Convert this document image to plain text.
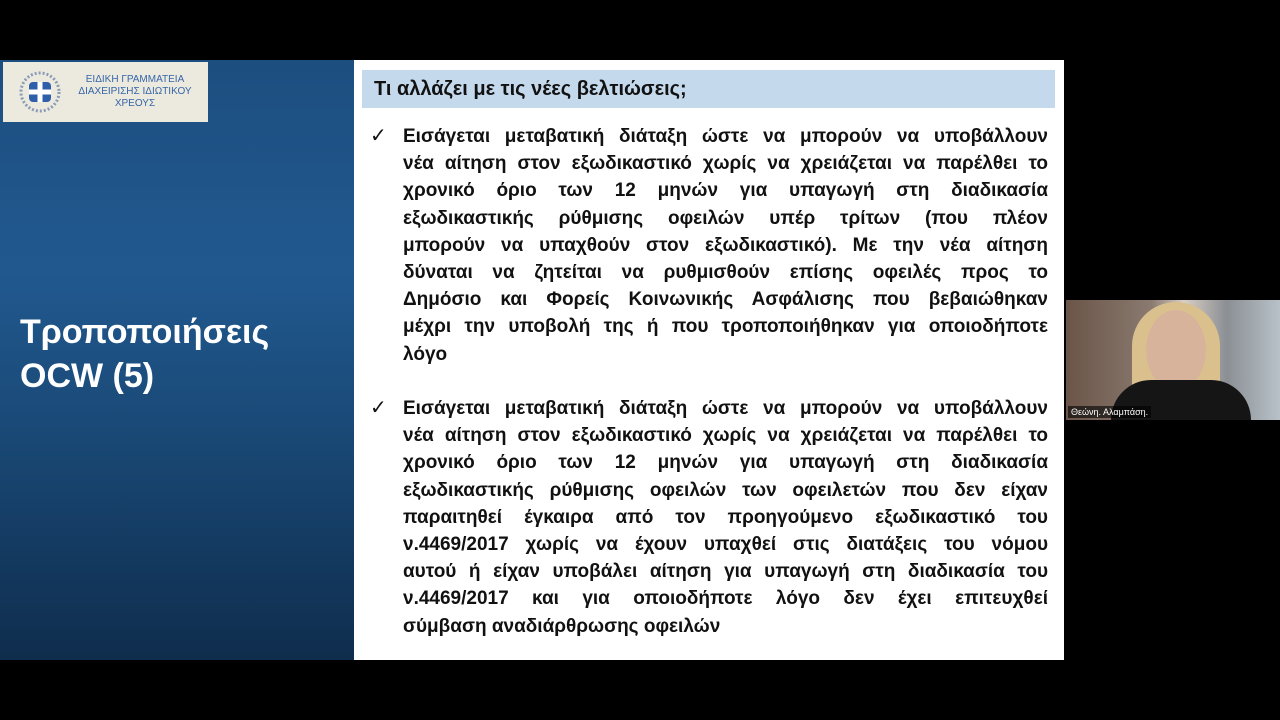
ΕΙΔΙΚΗ ΓΡΑΜΜΑΤΕΙΑ
ΔΙΑΧΕΙΡΙΣΗΣ ΙΔΙΩΤΙΚΟΥ
ΧΡΕΟΥΣ
Τροποποιήσεις
OCW (5)
Τι αλλάζει με τις νέες βελτιώσεις;
✓ Εισάγεται μεταβατική διάταξη ώστε να μπορούν να υποβάλλουν
νέα αίτηση στον εξωδικαστικό χωρίς να χρειάζεται να παρέλθει το
χρονικό όριο των 12 μηνών για υπαγωγή στη διαδικασία
εξωδικαστικής ρύθμισης οφειλών υπέρ τρίτων (που πλέον
μπορούν να υπαχθούν στον εξωδικαστικό). Με την νέα αίτηση
δύναται να ζητείται να ρυθμισθούν επίσης οφειλές προς το
Δημόσιο και Φορείς Κοινωνικής Ασφάλισης που βεβαιώθηκαν
μέχρι την υποβολή της ή που τροποποιήθηκαν για οποιοδήποτε
λόγο
✓ Εισάγεται μεταβατική διάταξη ώστε να μπορούν να υποβάλλουν
νέα αίτηση στον εξωδικαστικό χωρίς να χρειάζεται να παρέλθει το
χρονικό όριο των 12 μηνών για υπαγωγή στη διαδικασία
εξωδικαστικής ρύθμισης οφειλών των οφειλετών που δεν είχαν
παραιτηθεί έγκαιρα από τον προηγούμενο εξωδικαστικό του
ν.4469/2017 χωρίς να έχουν υπαχθεί στις διατάξεις του νόμου
αυτού ή είχαν υποβάλει αίτηση για υπαγωγή στη διαδικασία του
ν.4469/2017 και για οποιοδήποτε λόγο δεν έχει επιτευχθεί
σύμβαση αναδιάρθρωσης οφειλών
Θεώνη. Αλαμπάση.
